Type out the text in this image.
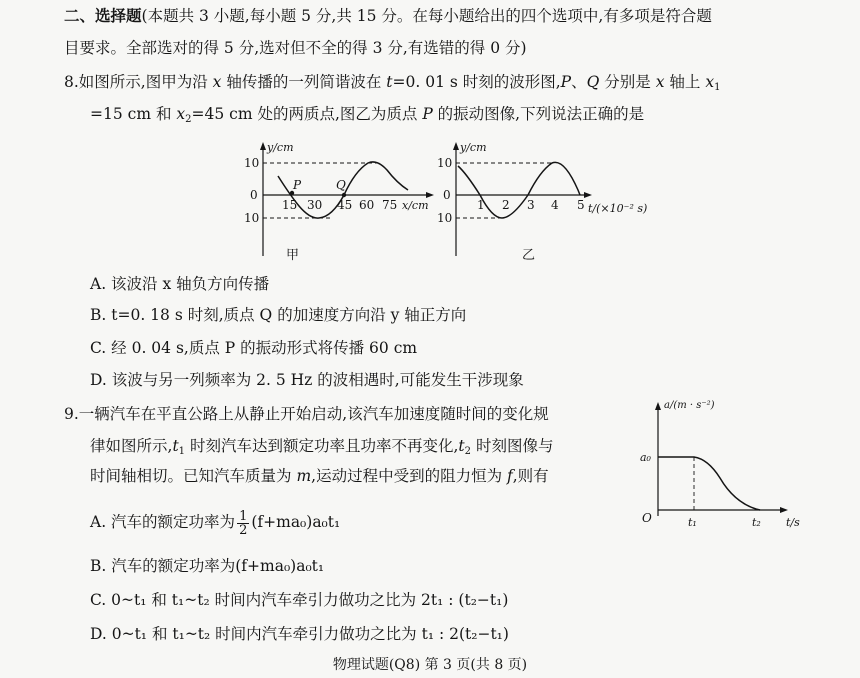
二、选择题(本题共 3 小题,每小题 5 分,共 15 分。在每小题给出的四个选项中,有多项是符合题
目要求。全部选对的得 5 分,选对但不全的得 3 分,有选错的得 0 分)
8.如图所示,图甲为沿 x 轴传播的一列简谐波在 t=0. 01 s 时刻的波形图,P、Q 分别是 x 轴上 $x_1$
=15 cm 和 $x_2=45$ cm 处的两质点,图乙为质点 P 的振动图像,下列说法正确的是
y/cm
10
0
10
P	Q
15 30 45 60 75 x/cm
甲
y/cm
10
0
10
1 2 3 4 5 t/(×10⁻² s)
乙
A. 该波沿 x 轴负方向传播
B. t=0. 18 s 时刻,质点 Q 的加速度方向沿 y 轴正方向
C. 经 0. 04 s,质点 P 的振动形式将传播 60 cm
D. 该波与另一列频率为 2. 5 Hz 的波相遇时,可能发生干涉现象
9.一辆汽车在平直公路上从静止开始启动,该汽车加速度随时间的变化规
律如图所示$,t_1$ 时刻汽车达到额定功率且功率不再变化$,t_2$ 时刻图像与
时间轴相切。已知汽车质量为 m,运动过程中受到的阻力恒为 f,则有
a/(m · s⁻²)
a₀
O	t₁	t₂ t/s
A. 汽车的额定功率为 $\frac{1}{2} (f+ma_0)a_0t_1$
B. 汽车的额定功率为(f+ma₀)a₀t₁
C. 0~t₁ 和 t₁~t₂ 时间内汽车牵引力做功之比为 2t₁ : (t₂−t₁)
D. 0~t₁ 和 t₁~t₂ 时间内汽车牵引力做功之比为 t₁ : 2(t₂−t₁)
物理试题(Q8) 第 3 页(共 8 页)
